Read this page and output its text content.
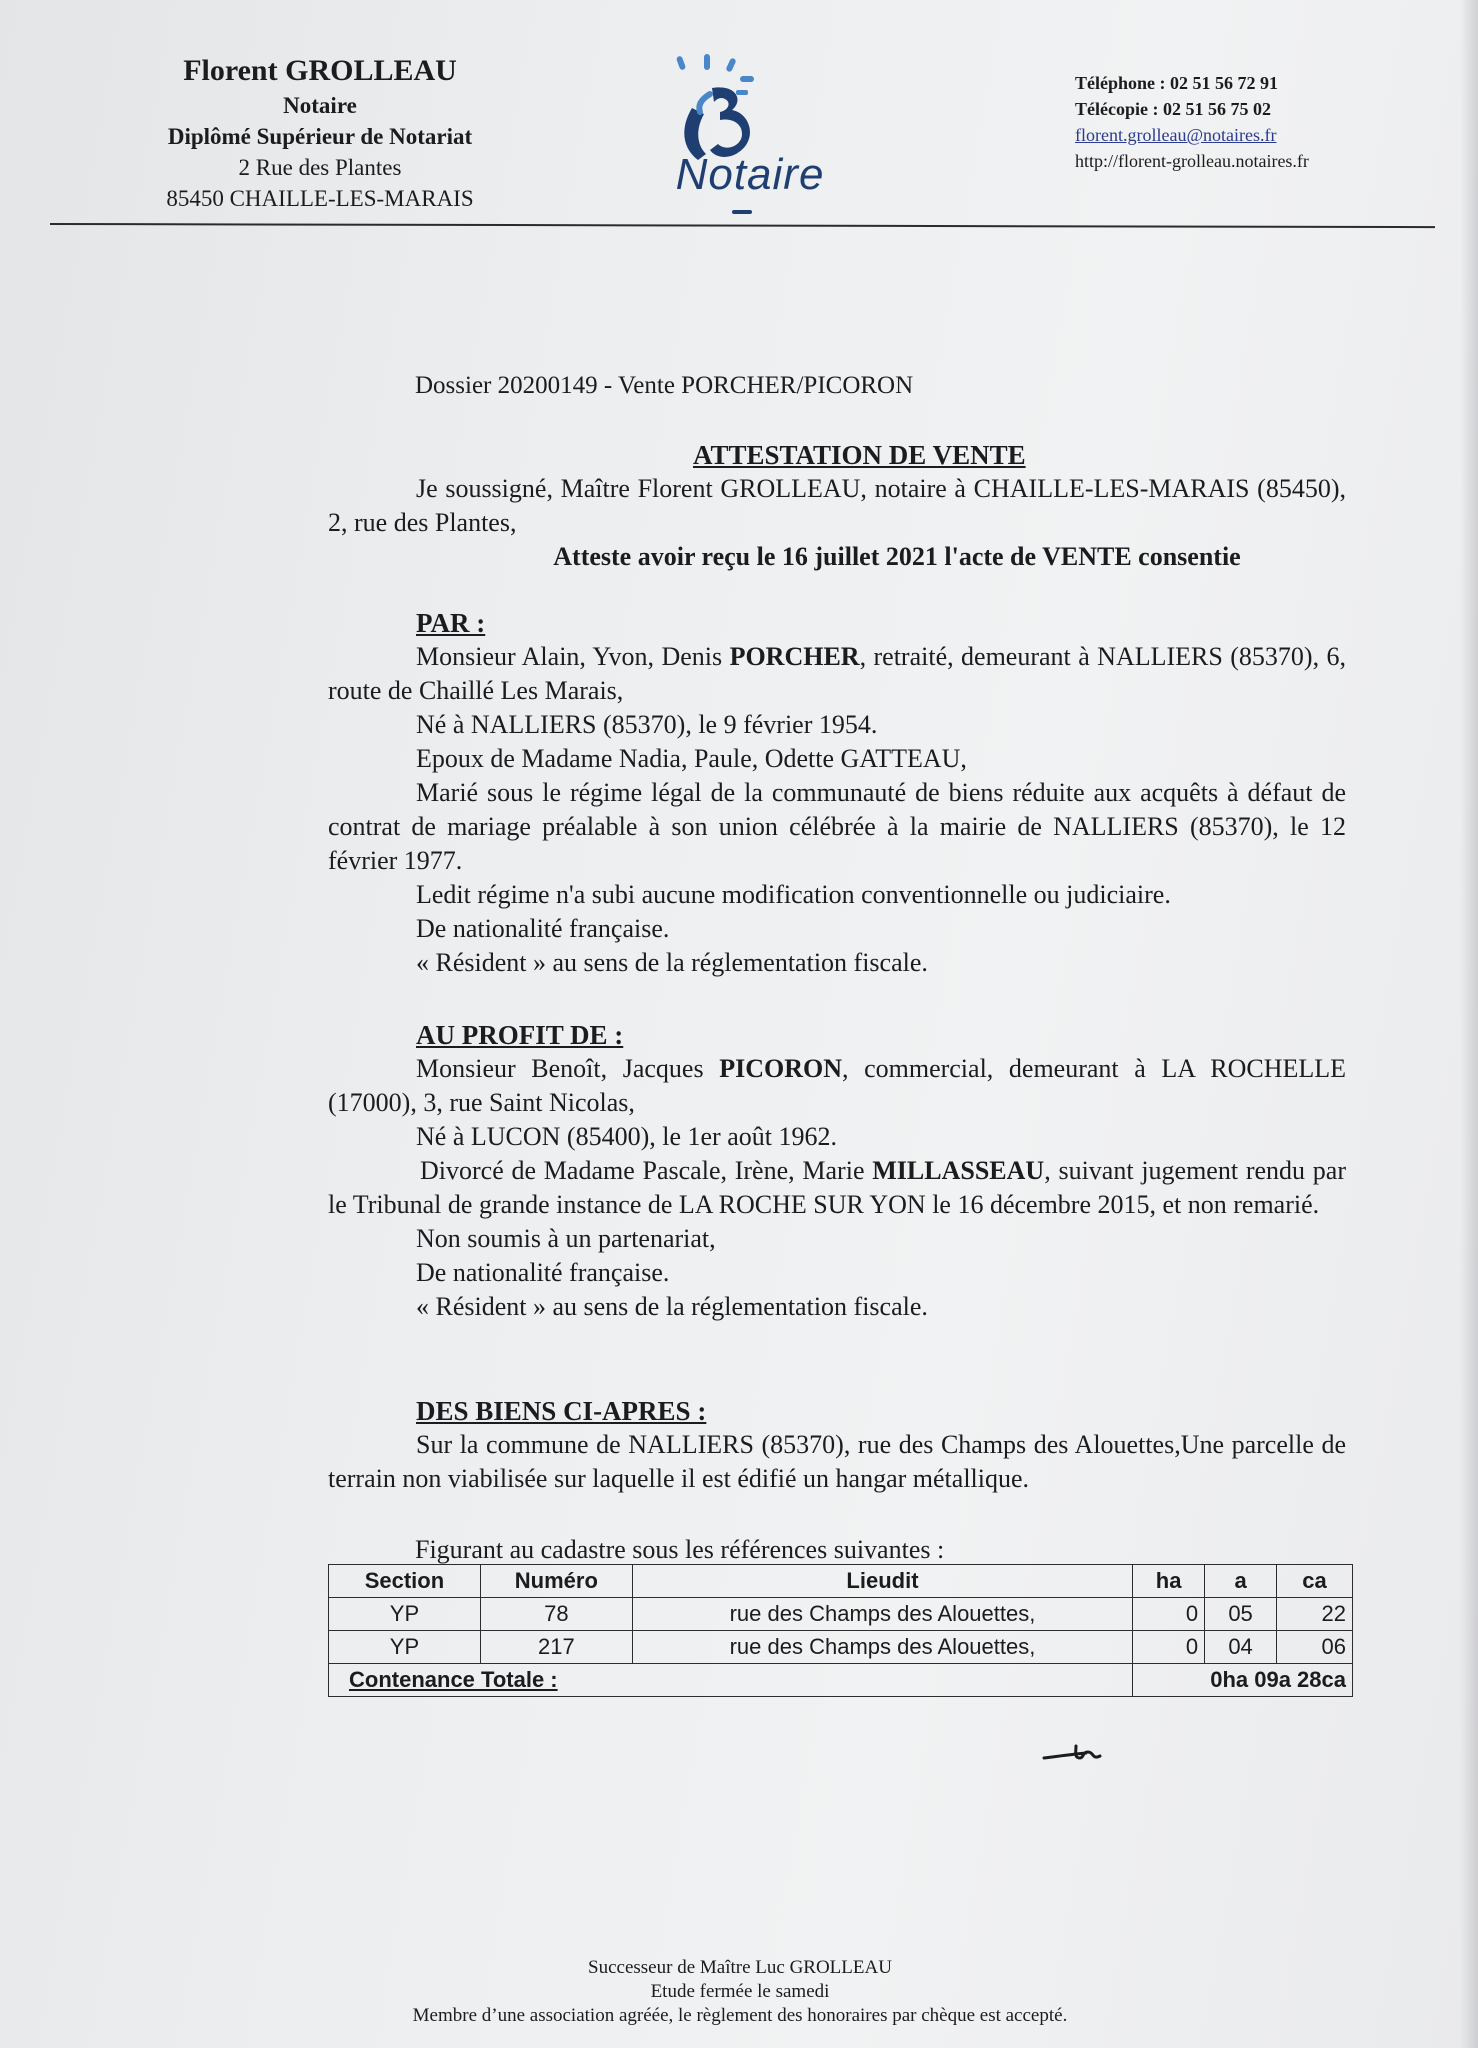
Florent GROLLEAU
Notaire
Diplômé Supérieur de Notariat
2 Rue des Plantes
85450 CHAILLE-LES-MARAIS	Notaire
Téléphone : 02 51 56 72 91
Télécopie : 02 51 56 75 02
florent.grolleau@notaires.fr
http://florent-grolleau.notaires.fr
Dossier 20200149 - Vente PORCHER/PICORON
ATTESTATION DE VENTE

Je soussigné, Maître Florent GROLLEAU, notaire à CHAILLE-LES-MARAIS (85450), 2, rue des Plantes,

Atteste avoir reçu le 16 juillet 2021 l'acte de VENTE consentie

PAR :

Monsieur Alain, Yvon, Denis PORCHER, retraité, demeurant à NALLIERS (85370), 6, route de Chaillé Les Marais,

Né à NALLIERS (85370), le 9 février 1954.

Epoux de Madame Nadia, Paule, Odette GATTEAU,

Marié sous le régime légal de la communauté de biens réduite aux acquêts à défaut de contrat de mariage préalable à son union célébrée à la mairie de NALLIERS (85370), le 12 février 1977.

Ledit régime n'a subi aucune modification conventionnelle ou judiciaire.

De nationalité française.

« Résident » au sens de la réglementation fiscale.

AU PROFIT DE :

Monsieur Benoît, Jacques PICORON, commercial, demeurant à LA ROCHELLE (17000), 3, rue Saint Nicolas,

Né à LUCON (85400), le 1er août 1962.

Divorcé de Madame Pascale, Irène, Marie MILLASSEAU, suivant jugement rendu par le Tribunal de grande instance de LA ROCHE SUR YON le 16 décembre 2015, et non remarié.

Non soumis à un partenariat,

De nationalité française.

« Résident » au sens de la réglementation fiscale.

DES BIENS CI-APRES :

Sur la commune de NALLIERS (85370), rue des Champs des Alouettes,Une parcelle de terrain non viabilisée sur laquelle il est édifié un hangar métallique.

Figurant au cadastre sous les références suivantes :
Section	Numéro	Lieudit	ha	a	ca
YP	78	rue des Champs des Alouettes,	0	05	22
YP	217	rue des Champs des Alouettes,	0	04	06
Contenance Totale :			0ha 09a 28ca		
Successeur de Maître Luc GROLLEAU
Etude fermée le samedi
Membre d’une association agréée, le règlement des honoraires par chèque est accepté.
